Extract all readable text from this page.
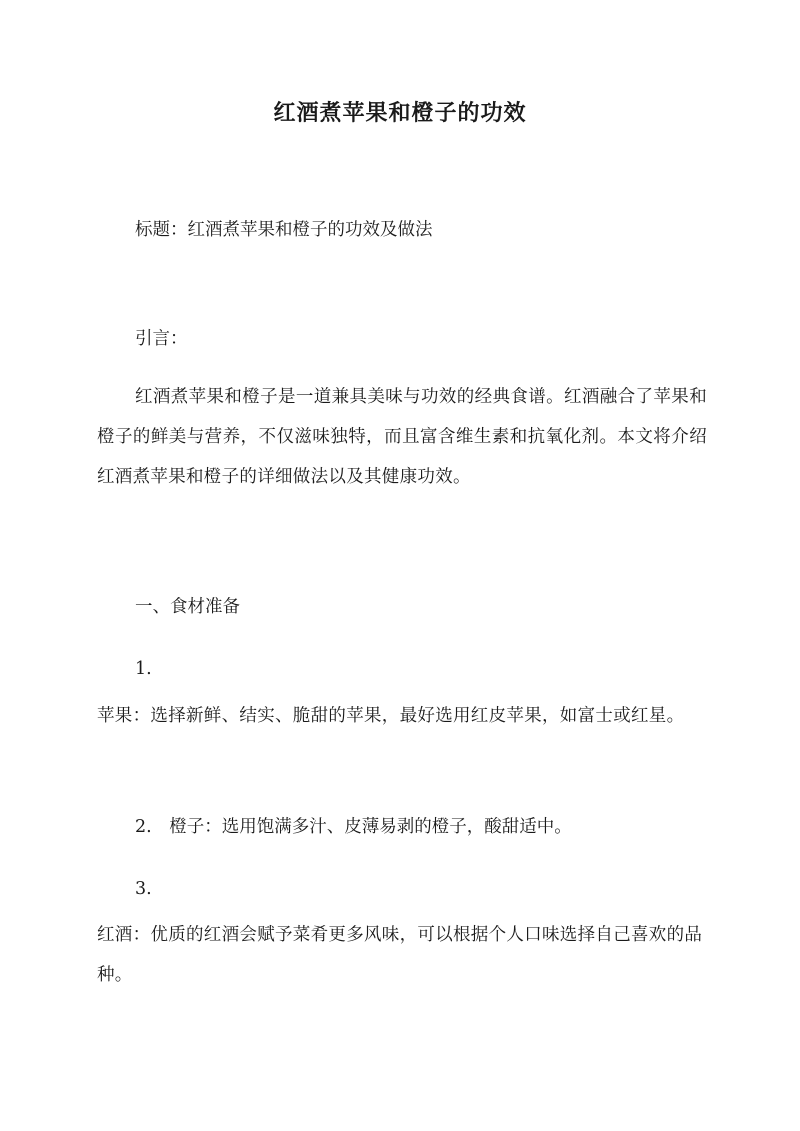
红酒煮苹果和橙子的功效

标题：红酒煮苹果和橙子的功效及做法

引言：

红酒煮苹果和橙子是一道兼具美味与功效的经典食谱。红酒融合了苹果和橙子的鲜美与营养，不仅滋味独特，而且富含维生素和抗氧化剂。本文将介绍红酒煮苹果和橙子的详细做法以及其健康功效。

一、食材准备

1.

苹果：选择新鲜、结实、脆甜的苹果，最好选用红皮苹果，如富士或红星。

2. 橙子：选用饱满多汁、皮薄易剥的橙子，酸甜适中。

3.

红酒：优质的红酒会赋予菜肴更多风味，可以根据个人口味选择自己喜欢的品种。
